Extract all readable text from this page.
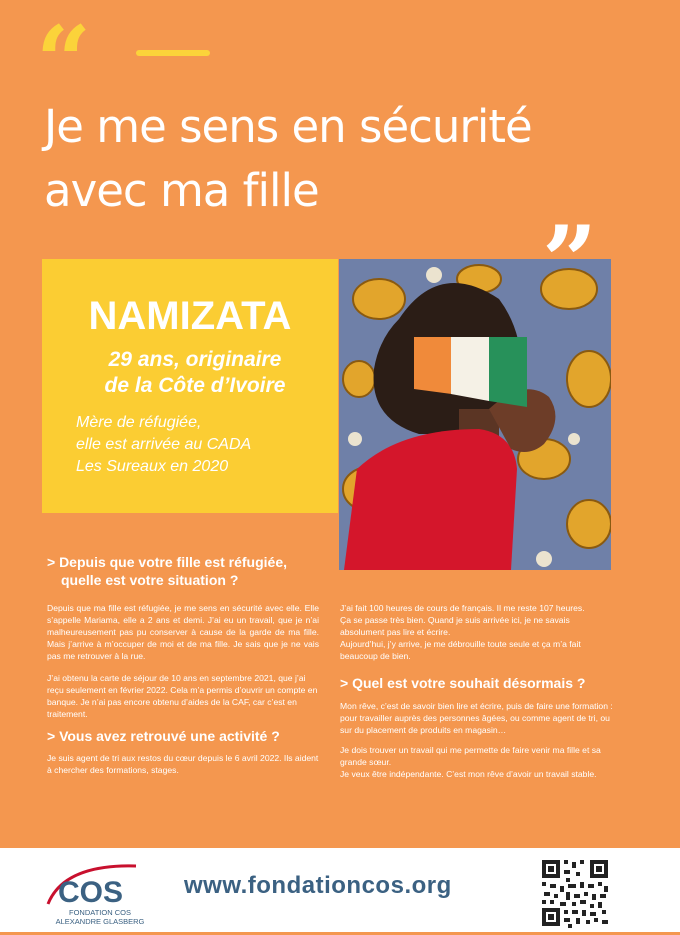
“
Je me sens en sécurité
avec ma fille
NAMIZATA
29 ans, originaire
de la Côte d’Ivoire
Mère de réfugiée,
elle est arrivée au CADA
Les Sureaux en 2020
> Depuis que votre fille est réfugiée,
quelle est votre situation ?
Depuis que ma fille est réfugiée, je me sens en sécurité avec elle. Elle s’appelle Mariama, elle a 2 ans et demi. J’ai eu un travail, que je n’ai malheureusement pas pu conserver à cause de la garde de ma fille. Mais j’arrive à m’occuper de moi et de ma fille. Je sais que je ne vais pas me retrouver à la rue.
J’ai obtenu la carte de séjour de 10 ans en septembre 2021, que j’ai reçu seulement en février 2022. Cela m’a permis d’ouvrir un compte en banque. Je n’ai pas encore obtenu d’aides de la CAF, car c’est en traitement.
> Vous avez retrouvé une activité ?
Je suis agent de tri aux restos du cœur depuis le 6 avril 2022. Ils aident à chercher des formations, stages.
J’ai fait 100 heures de cours de français. Il me reste 107 heures.
Ça se passe très bien. Quand je suis arrivée ici, je ne savais absolument pas lire et écrire.
Aujourd’hui, j’y arrive, je me débrouille toute seule et ça m’a fait beaucoup de bien.
> Quel est votre souhait désormais ?
Mon rêve, c’est de savoir bien lire et écrire, puis de faire une formation : pour travailler auprès des personnes âgées, ou comme agent de tri, ou sur du placement de produits en magasin…
Je dois trouver un travail qui me permette de faire venir ma fille et sa grande sœur.
Je veux être indépendante. C’est mon rêve d’avoir un travail stable.
COS
FONDATION COS
ALEXANDRE GLASBERG
www.fondationcos.org
